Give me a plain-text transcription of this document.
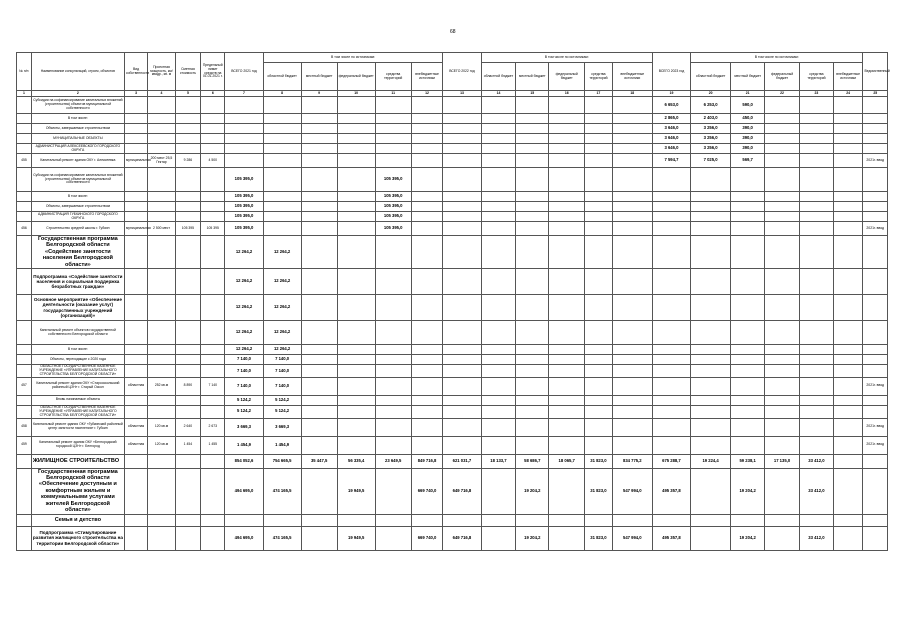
68
№ п/п	Наименование консультаций, строек, объектов	Вид собственности	Проектная мощность, км/квадр., кв. м	Сметная стоимость	Предельный лимит средств на 01.01.2021 г.	ВСЕГО 2021 год	В том числе по источникам:					ВСЕГО 2022 год	В том числе по источникам:					ВСЕГО 2023 год	В том числе по источникам:					Ведомственный
							областной бюджет	местный бюджет	федеральный бюджет	средства территорий	внебюджетные источники		областной бюджет	местный бюджет	федеральный бюджет	средства территорий	внебюджетные источники		областной бюджет	местный бюджет	федеральный бюджет	средства территорий	внебюджетные источники	
1	2	3	4	5	6	7	8	9	10	11	12	13	14	15	16	17	18	19	20	21	22	23	24	25
	Субсидии на софинансирование капитальных вложений (строительства) объектов муниципальной собственности																	6 653,0	6 253,0	590,0				
	В том числе:																	2 865,0	2 403,0	450,0				
	Объекты, завершаемые строительством																	3 646,0	3 256,0	390,0				
	МУНИЦИПАЛЬНЫЕ ОБЪЕКТЫ																	3 646,0	3 256,0	390,0				
	АДМИНИСТРАЦИЯ АЛЕКСЕЕВСКОГО ГОРОДСКОГО ОКРУГА																	3 646,0	3 256,0	390,0				
455	Капитальный ремонт здания ОКУ г. Алексеевка	муниципальная	200 мест 25,5 Гектар	9 286	4 500													7 594,7	7 025,0	569,7				2021г. ввод
	Субсидии на софинансирование капитальных вложений (строительства) объектов муниципальной собственности					105 395,0				105 395,0														
	В том числе:					105 395,0				105 395,0														
	Объекты, завершаемые строительством					105 395,0				105 395,0														
	АДМИНИСТРАЦИЯ ГУБКИНСКОГО ГОРОДСКОГО ОКРУГА					105 395,0				105 395,0														
456	Строительство средней школы г. Губкин	муниципальная	2 500 мест	105 395	105 395	105 395,0				105 395,0														2021г. ввод
	Государственная программа Белгородской области «Содействие занятости населения Белгородской области»					12 264,2	12 264,2																	
	Подпрограмма «Содействие занятости населения и социальная поддержка безработных граждан»					12 264,2	12 264,2																	
	Основное мероприятие «Обеспечение деятельности (оказание услуг) государственных учреждений (организаций)»					12 264,2	12 264,2																	
	Капитальный ремонт объектов государственной собственности Белгородской области					12 264,2	12 264,2																	
	В том числе:					12 264,2	12 264,2																	
	Объекты, переходящие с 2020 года					7 140,0	7 140,0																	
	ОБЛАСТНОЕ ГОСУДАРСТВЕННОЕ КАЗЕННОЕ УЧРЕЖДЕНИЕ «УПРАВЛЕНИЕ КАПИТАЛЬНОГО СТРОИТЕЛЬСТВА БЕЛГОРОДСКОЙ ОБЛАСТИ»					7 140,0	7 140,0																	
457	Капитальный ремонт здания ОКУ «Старооскольский районный ЦЗН» г. Старый Оскол	областная	252 кв.м	8 890	7 140	7 140,0	7 140,0																	2021г. ввод
	Вновь начинаемые объекты					5 124,2	5 124,2																	
	ОБЛАСТНОЕ ГОСУДАРСТВЕННОЕ КАЗЕННОЕ УЧРЕЖДЕНИЕ «УПРАВЛЕНИЕ КАПИТАЛЬНОГО СТРОИТЕЛЬСТВА БЕЛГОРОДСКОЙ ОБЛАСТИ»					5 124,2	5 124,2																	
458	Капитальный ремонт здания ОКУ «Губкинский районный центр занятости населения» г. Губкин	областная	120 кв.м	2 640	2 673	3 669,3	3 669,3																	2021г. ввод
459	Капитальный ремонт здания ОКУ «Белгородский городской ЦЗН» г. Белгород	областная	120 кв.м	1 454	1 455	1 454,9	1 454,9																	2021г. ввод
	ЖИЛИЩНОЕ СТРОИТЕЛЬСТВО					854 052,6	754 665,5	35 447,5	56 335,4	23 649,5	849 716,8	621 031,7	18 133,7	58 686,7	18 065,7	31 823,0	834 775,2	675 288,7	19 224,4	59 238,1	17 135,0	33 412,0		
	Государственная программа Белгородской области «Обеспечение доступным и комфортным жильем и коммунальными услугами жителей Белгородской области»					494 695,0	474 165,5		19 949,5		669 740,0	649 716,8		19 204,2		31 823,0	547 994,0	495 357,8		19 204,2		33 412,0		
	Семья и детство																							
	Подпрограмма «Стимулирование развития жилищного строительства на территории Белгородской области»					494 695,0	474 165,5		19 949,5		669 740,0	649 716,8		19 204,2		31 823,0	547 994,0	495 357,8		19 204,2		33 412,0		
